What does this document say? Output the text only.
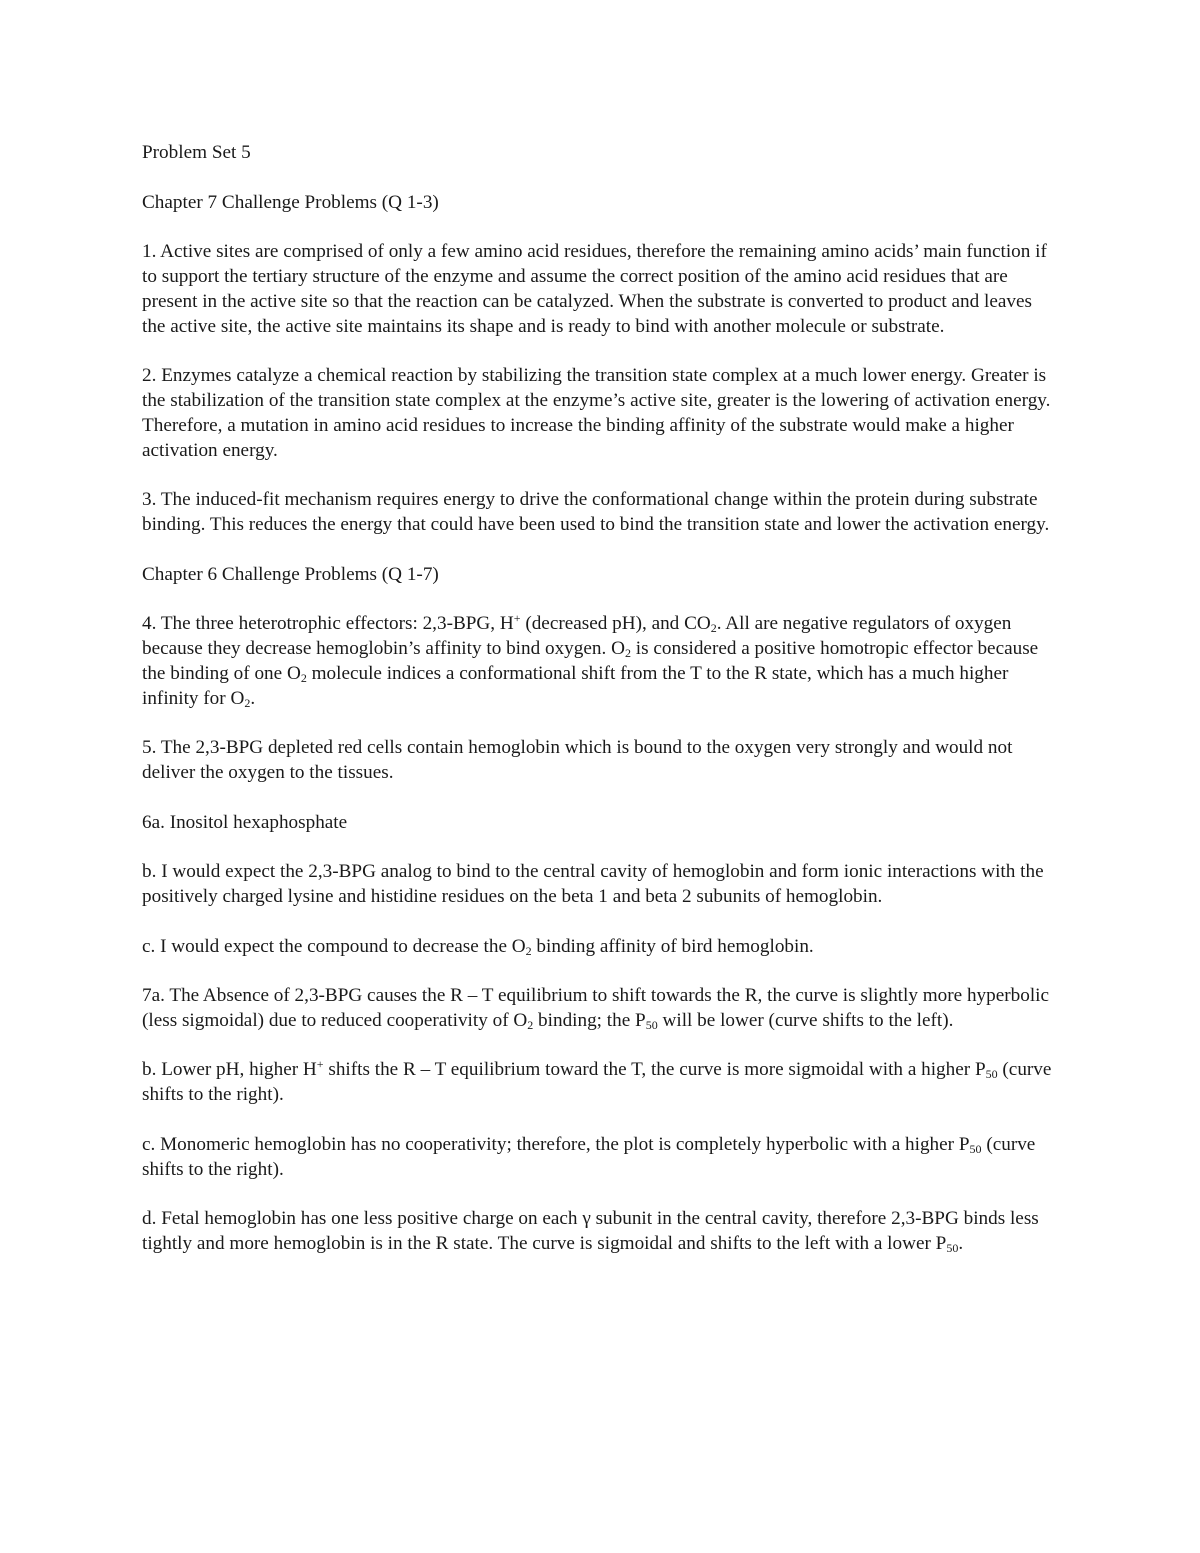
Problem Set 5

Chapter 7 Challenge Problems (Q 1-3)

1. Active sites are comprised of only a few amino acid residues, therefore the remaining amino acids’ main function if to support the tertiary structure of the enzyme and assume the correct position of the amino acid residues that are present in the active site so that the reaction can be catalyzed. When the substrate is converted to product and leaves the active site, the active site maintains its shape and is ready to bind with another molecule or substrate.

2. Enzymes catalyze a chemical reaction by stabilizing the transition state complex at a much lower energy. Greater is the stabilization of the transition state complex at the enzyme’s active site, greater is the lowering of activation energy. Therefore, a mutation in amino acid residues to increase the binding affinity of the substrate would make a higher activation energy.

3. The induced-fit mechanism requires energy to drive the conformational change within the protein during substrate binding. This reduces the energy that could have been used to bind the transition state and lower the activation energy.

Chapter 6 Challenge Problems (Q 1-7)

4. The three heterotrophic effectors: 2,3-BPG, H+ (decreased pH), and $CO_2$. All are negative regulators of oxygen because they decrease hemoglobin’s affinity to bind oxygen. $O_2$ is considered a positive homotropic effector because the binding of one $O_2$ molecule indices a conformational shift from the T to the R state, which has a much higher infinity for $O_2$.

5. The 2,3-BPG depleted red cells contain hemoglobin which is bound to the oxygen very strongly and would not deliver the oxygen to the tissues.

6a. Inositol hexaphosphate

b. I would expect the 2,3-BPG analog to bind to the central cavity of hemoglobin and form ionic interactions with the positively charged lysine and histidine residues on the beta 1 and beta 2 subunits of hemoglobin.

c. I would expect the compound to decrease the $O_2$ binding affinity of bird hemoglobin.

7a. The Absence of 2,3-BPG causes the R – T equilibrium to shift towards the R, the curve is slightly more hyperbolic (less sigmoidal) due to reduced cooperativity of $O_2$ binding; the $P_{50}$ will be lower (curve shifts to the left).

b. Lower pH, higher H+ shifts the R – T equilibrium toward the T, the curve is more sigmoidal with a higher $P_{50}$ (curve shifts to the right).

c. Monomeric hemoglobin has no cooperativity; therefore, the plot is completely hyperbolic with a higher $P_{50}$ (curve shifts to the right).

d. Fetal hemoglobin has one less positive charge on each γ subunit in the central cavity, therefore 2,3-BPG binds less tightly and more hemoglobin is in the R state. The curve is sigmoidal and shifts to the left with a lower $P_{50}$.
